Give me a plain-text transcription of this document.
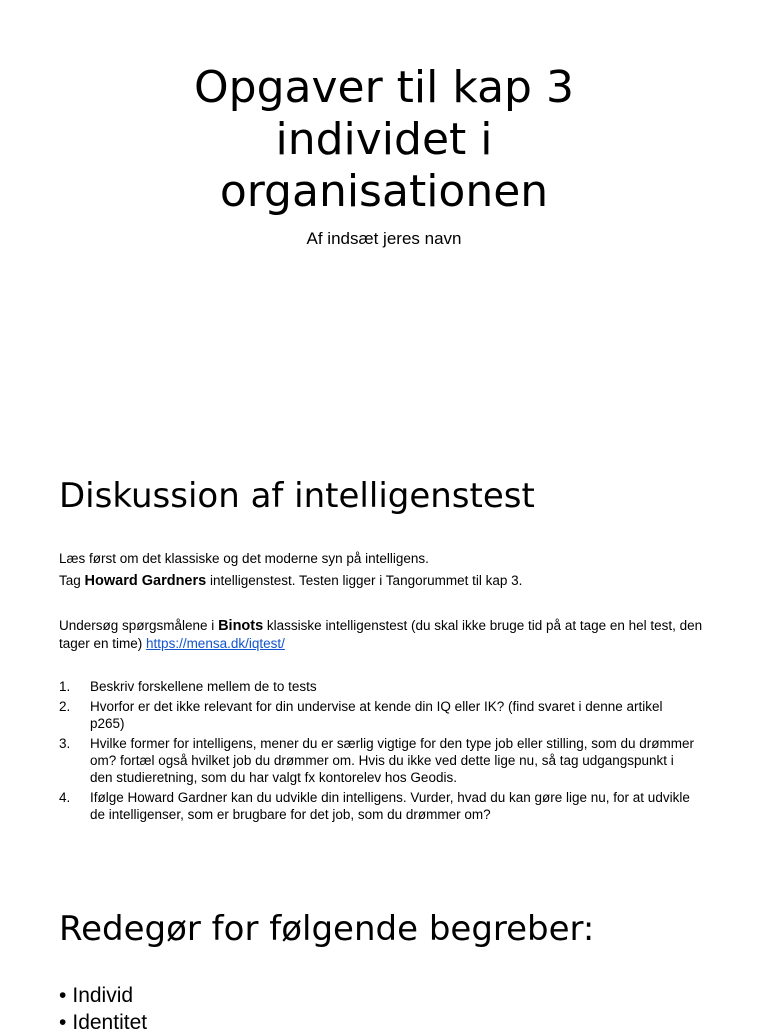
Opgaver til kap 3
individet i
organisationen
Af indsæt jeres navn
Diskussion af intelligenstest
Læs først om det klassiske og det moderne syn på intelligens.
Tag Howard Gardners intelligenstest. Testen ligger i Tangorummet til kap 3.
Undersøg spørgsmålene i Binots klassiske intelligenstest (du skal ikke bruge tid på at tage en hel test, den tager en time) https://mensa.dk/iqtest/
1. Beskriv forskellene mellem de to tests
2. Hvorfor er det ikke relevant for din undervise at kende din IQ eller IK? (find svaret i denne artikel p265)
3. Hvilke former for intelligens, mener du er særlig vigtige for den type job eller stilling, som du drømmer om? fortæl også hvilket job du drømmer om. Hvis du ikke ved dette lige nu, så tag udgangspunkt i den studieretning, som du har valgt fx kontorelev hos Geodis.
4. Ifølge Howard Gardner kan du udvikle din intelligens. Vurder, hvad du kan gøre lige nu, for at udvikle de intelligenser, som er brugbare for det job, som du drømmer om?
Redegør for følgende begreber:
• Individ
• Identitet
